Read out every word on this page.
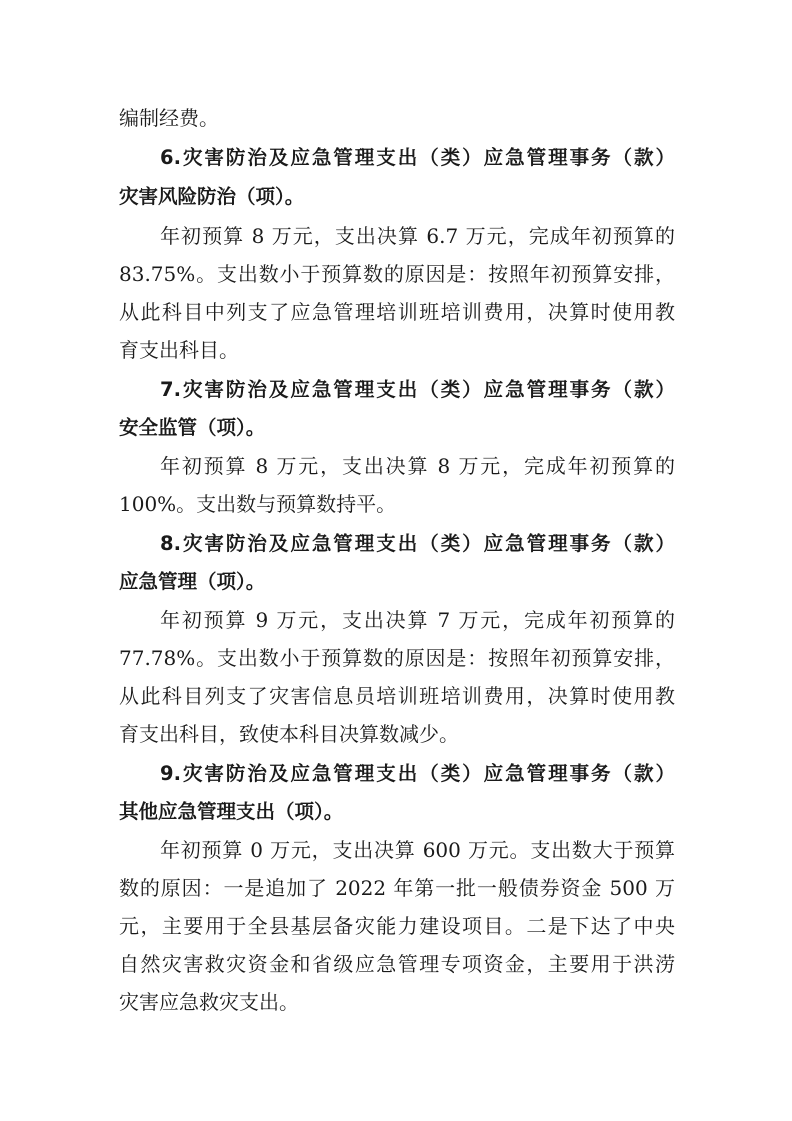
编制经费。
6.灾害防治及应急管理支出（类）应急管理事务（款）
灾害风险防治（项）。
年初预算 8 万元，支出决算 6.7 万元，完成年初预算的
83.75%。支出数小于预算数的原因是：按照年初预算安排，
从此科目中列支了应急管理培训班培训费用，决算时使用教
育支出科目。
7.灾害防治及应急管理支出（类）应急管理事务（款）
安全监管（项）。
年初预算 8 万元，支出决算 8 万元，完成年初预算的
100%。支出数与预算数持平。
8.灾害防治及应急管理支出（类）应急管理事务（款）
应急管理（项）。
年初预算 9 万元，支出决算 7 万元，完成年初预算的
77.78%。支出数小于预算数的原因是：按照年初预算安排，
从此科目列支了灾害信息员培训班培训费用，决算时使用教
育支出科目，致使本科目决算数减少。
9.灾害防治及应急管理支出（类）应急管理事务（款）
其他应急管理支出（项）。
年初预算 0 万元，支出决算 600 万元。支出数大于预算
数的原因：一是追加了 2022 年第一批一般债券资金 500 万
元，主要用于全县基层备灾能力建设项目。二是下达了中央
自然灾害救灾资金和省级应急管理专项资金，主要用于洪涝
灾害应急救灾支出。
